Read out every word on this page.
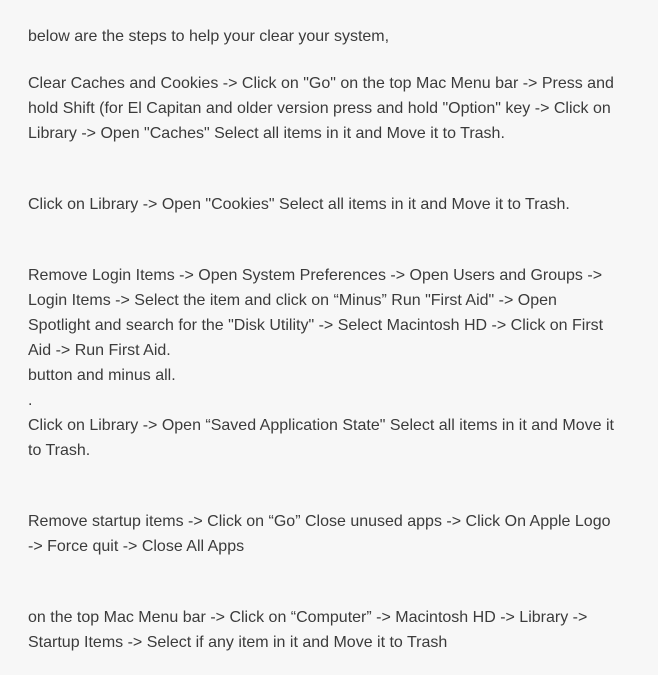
below are the steps to help your clear your system,
Clear Caches and Cookies -> Click on "Go" on the top Mac Menu bar -> Press and
hold Shift (for El Capitan and older version press and hold "Option" key -> Click on
Library -> Open "Caches" Select all items in it and Move it to Trash.
Click on Library -> Open "Cookies" Select all items in it and Move it to Trash.
Remove Login Items -> Open System Preferences -> Open Users and Groups ->
Login Items -> Select the item and click on “Minus” Run "First Aid" -> Open
Spotlight and search for the "Disk Utility" -> Select Macintosh HD -> Click on First
Aid -> Run First Aid.
button and minus all.
.
Click on Library -> Open “Saved Application State" Select all items in it and Move it
to Trash.
Remove startup items -> Click on “Go” Close unused apps -> Click On Apple Logo
-> Force quit -> Close All Apps
on the top Mac Menu bar -> Click on “Computer” -> Macintosh HD -> Library ->
Startup Items -> Select if any item in it and Move it to Trash
